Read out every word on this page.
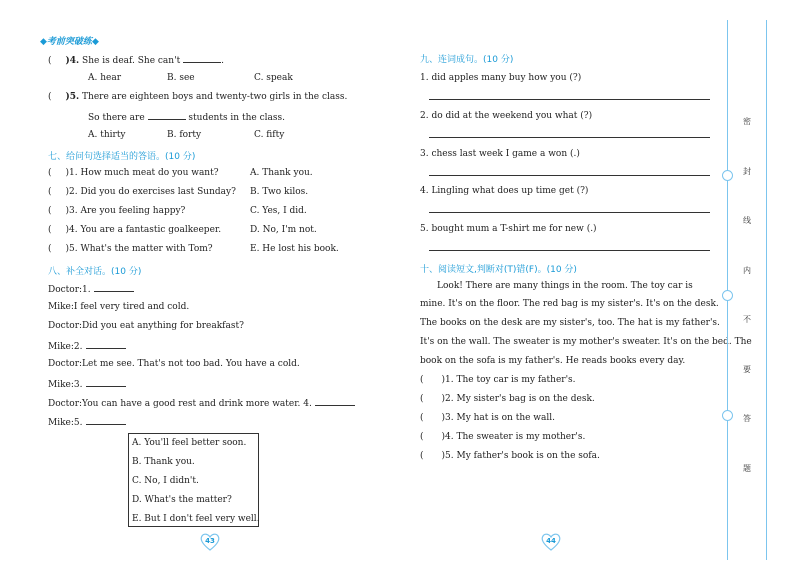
◆考前突破练◆
( )4. She is deaf. She can't	.
A. hear	B. see	C. speak
( )5. There are eighteen boys and twenty-two girls in the class.
So there are	students in the class.
A. thirty	B. forty	C. fifty
七、给问句选择适当的答语。(10 分)
( )1. How much meat do you want?	A. Thank you.
( )2. Did you do exercises last Sunday? B. Two kilos.
( )3. Are you feeling happy?	C. Yes, I did.
( )4. You are a fantastic goalkeeper.	D. No, I'm not.
( )5. What's the matter with Tom?	E. He lost his book.
八、补全对话。(10 分)
Doctor:1.
Mike:I feel very tired and cold.
Doctor:Did you eat anything for breakfast?
Mike:2.
Doctor:Let me see. That's not too bad. You have a cold.
Mike:3.
Doctor:You can have a good rest and drink more water. 4.
Mike:5.
A. You'll feel better soon.
B. Thank you.
C. No, I didn't.
D. What's the matter?
E. But I don't feel very well.
43
九、连词成句。(10 分)
1. did apples many buy how you (?)
2. do did at the weekend you what (?)
3. chess last week I game a won (.)
4. Lingling what does up time get (?)
5. bought mum a T-shirt me for new (.)
十、阅读短文,判断对(T)错(F)。(10 分)
Look! There are many things in the room. The toy car is
mine. It's on the floor. The red bag is my sister's. It's on the desk.
The books on the desk are my sister's, too. The hat is my father's.
It's on the wall. The sweater is my mother's sweater. It's on the bed. The
book on the sofa is my father's. He reads books every day.
( )1. The toy car is my father's.
( )2. My sister's bag is on the desk.
( )3. My hat is on the wall.
( )4. The sweater is my mother's.
( )5. My father's book is on the sofa.
44
密
封
线
内
不
要
答
题
